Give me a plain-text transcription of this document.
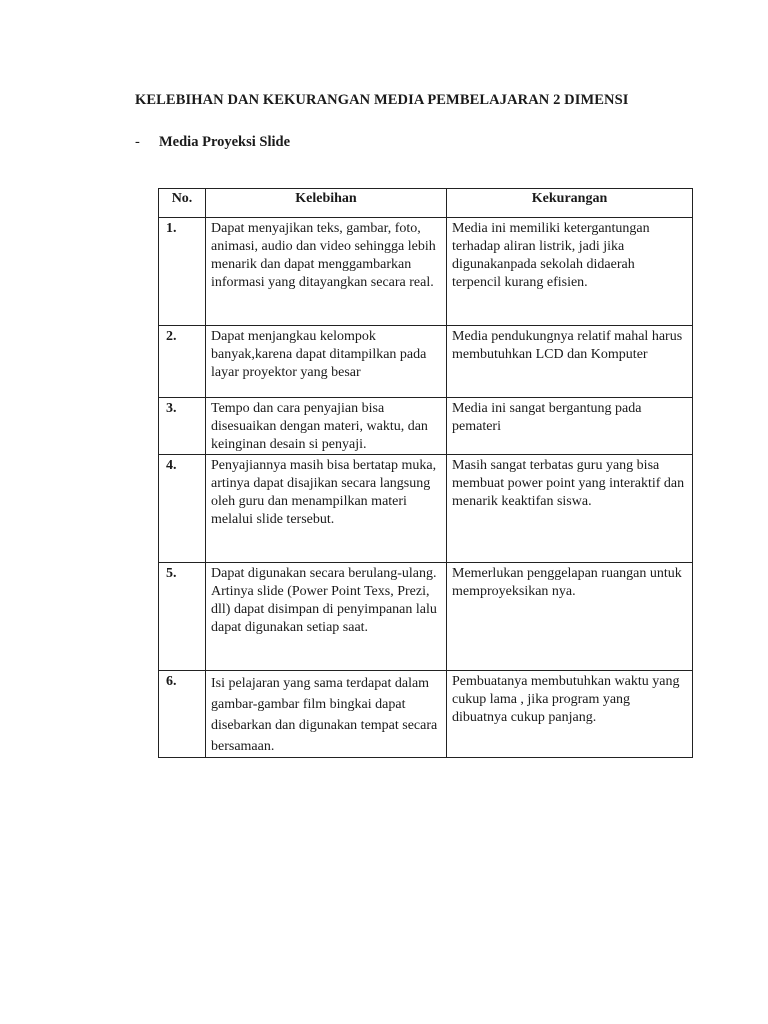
KELEBIHAN DAN KEKURANGAN MEDIA PEMBELAJARAN 2 DIMENSI

- Media Proyeksi Slide

No.	Kelebihan	Kekurangan
1.	Dapat menyajikan teks, gambar, foto, animasi, audio dan video sehingga lebih menarik dan dapat menggambarkan informasi yang ditayangkan secara real.	Media ini memiliki ketergantungan terhadap aliran listrik, jadi jika digunakanpada sekolah didaerah terpencil kurang efisien.
2.	Dapat menjangkau kelompok banyak,karena dapat ditampilkan pada layar proyektor yang besar	Media pendukungnya relatif mahal harus membutuhkan LCD dan Komputer
3.	Tempo dan cara penyajian bisa disesuaikan dengan materi, waktu, dan keinginan desain si penyaji.	Media ini sangat bergantung pada pemateri
4.	Penyajiannya masih bisa bertatap muka, artinya dapat disajikan secara langsung oleh guru dan menampilkan materi melalui slide tersebut.	Masih sangat terbatas guru yang bisa membuat power point yang interaktif dan menarik keaktifan siswa.
5.	Dapat digunakan secara berulang-ulang. Artinya slide (Power Point Texs, Prezi, dll) dapat disimpan di penyimpanan lalu dapat digunakan setiap saat.	Memerlukan penggelapan ruangan untuk memproyeksikan nya.
6.	Isi pelajaran yang sama terdapat dalam gambar-gambar film bingkai dapat disebarkan dan digunakan tempat secara bersamaan.	Pembuatanya membutuhkan waktu yang cukup lama , jika program yang dibuatnya cukup panjang.
